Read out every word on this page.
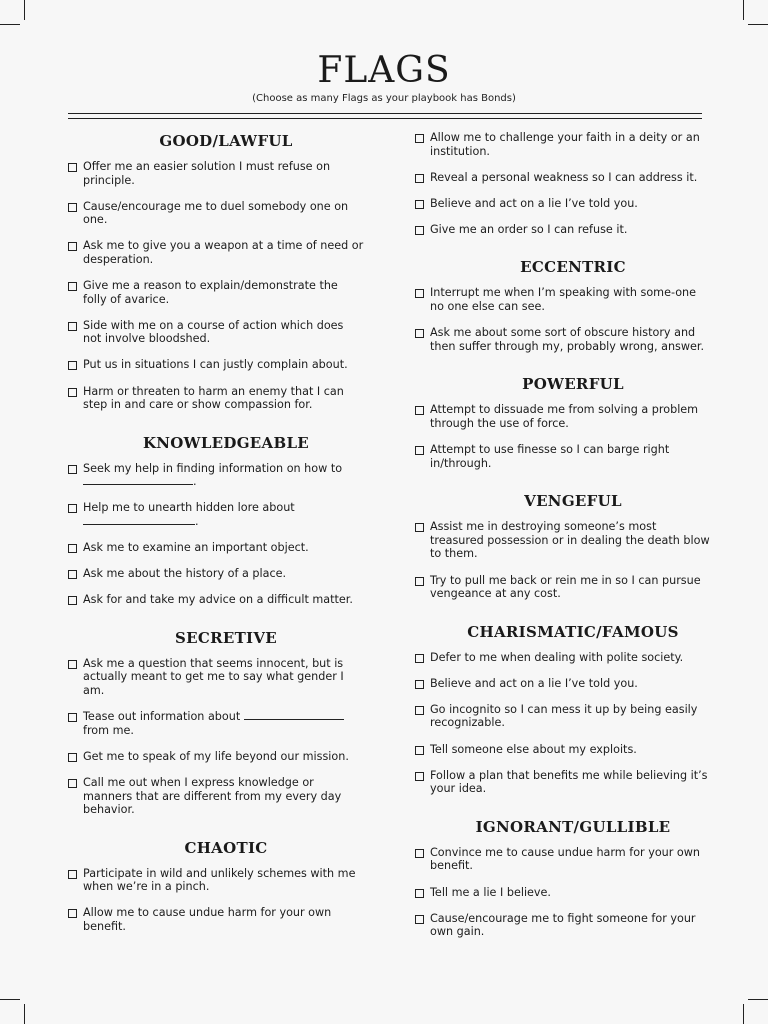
FLAGS
(Choose as many Flags as your playbook has Bonds)
GOOD/LAWFUL
Offer me an easier solution I must refuse on principle.
Cause/encourage me to duel somebody one on one.
Ask me to give you a weapon at a time of need or desperation.
Give me a reason to explain/demonstrate the folly of avarice.
Side with me on a course of action which does not involve bloodshed.
Put us in situations I can justly complain about.
Harm or threaten to harm an enemy that I can step in and care or show compassion for.
KNOWLEDGEABLE
Seek my help in finding information on how to .
Help me to unearth hidden lore about
.
Ask me to examine an important object.
Ask me about the history of a place.
Ask for and take my advice on a difficult matter.
SECRETIVE
Ask me a question that seems innocent, but is actually meant to get me to say what gender I am.
Tease out information about
from me.
Get me to speak of my life beyond our mission.
Call me out when I express knowledge or manners that are different from my every day behavior.
CHAOTIC
Participate in wild and unlikely schemes with me when we’re in a pinch.
Allow me to cause undue harm for your own benefit.
Allow me to challenge your faith in a deity or an institution.
Reveal a personal weakness so I can address it.
Believe and act on a lie I’ve told you.
Give me an order so I can refuse it.
ECCENTRIC
Interrupt me when I’m speaking with some-one no one else can see.
Ask me about some sort of obscure history and then suffer through my, probably wrong, answer.
POWERFUL
Attempt to dissuade me from solving a problem through the use of force.
Attempt to use finesse so I can barge right in/through.
VENGEFUL
Assist me in destroying someone’s most treasured possession or in dealing the death blow to them.
Try to pull me back or rein me in so I can pursue vengeance at any cost.
CHARISMATIC/FAMOUS
Defer to me when dealing with polite society.
Believe and act on a lie I’ve told you.
Go incognito so I can mess it up by being easily recognizable.
Tell someone else about my exploits.
Follow a plan that benefits me while believing it’s your idea.
IGNORANT/GULLIBLE
Convince me to cause undue harm for your own benefit.
Tell me a lie I believe.
Cause/encourage me to fight someone for your own gain.
